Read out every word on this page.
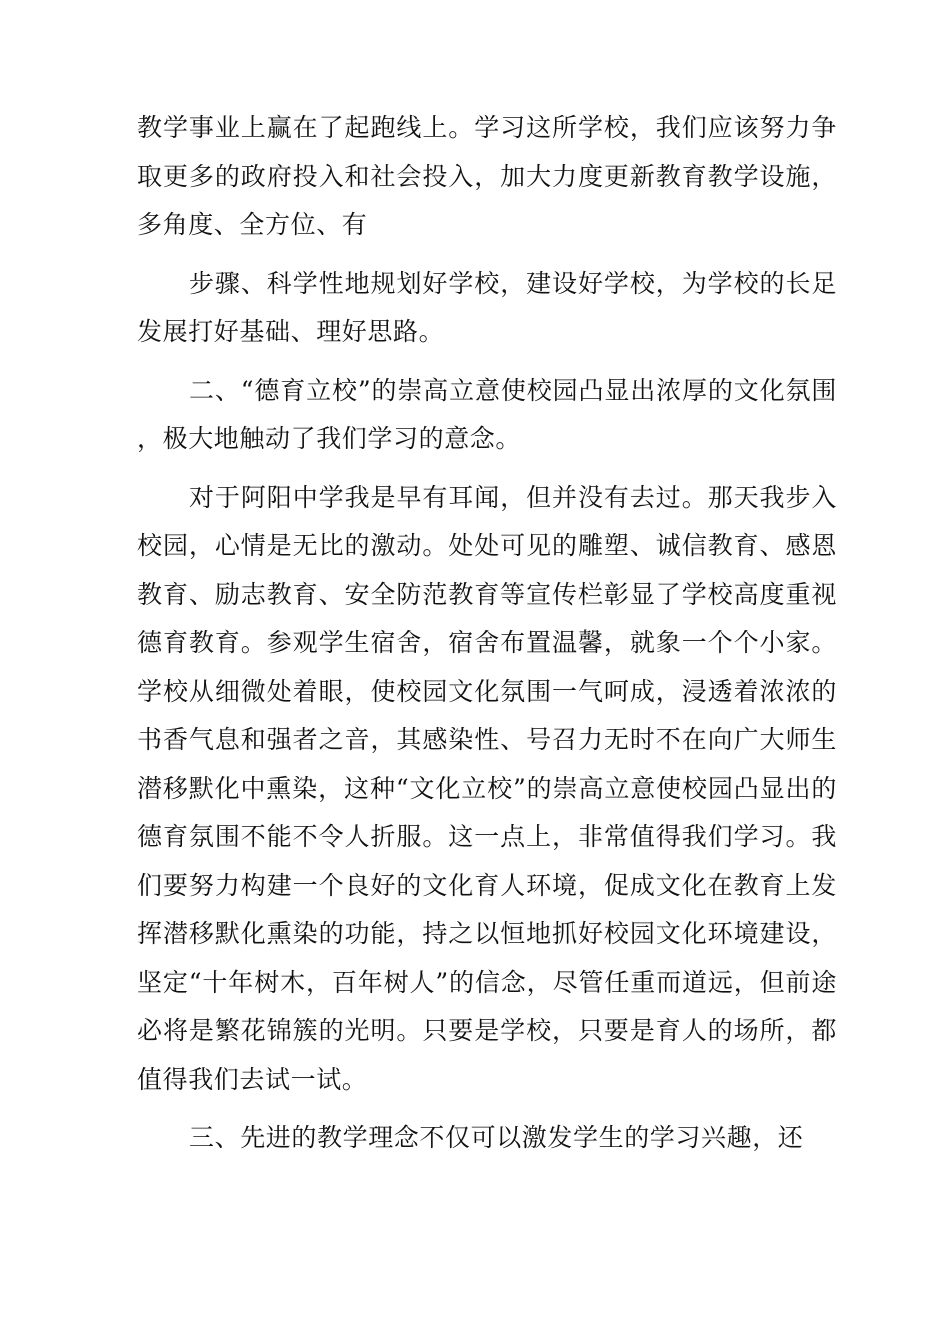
教学事业上赢在了起跑线上。学习这所学校，我们应该努力争取更多的政府投入和社会投入，加大力度更新教育教学设施，多角度、全方位、有

步骤、科学性地规划好学校，建设好学校，为学校的长足发展打好基础、理好思路。

二、“德育立校”的崇高立意使校园凸显出浓厚的文化氛围，极大地触动了我们学习的意念。

对于阿阳中学我是早有耳闻，但并没有去过。那天我步入校园，心情是无比的激动。处处可见的雕塑、诚信教育、感恩教育、励志教育、安全防范教育等宣传栏彰显了学校高度重视德育教育。参观学生宿舍，宿舍布置温馨，就象一个个小家。学校从细微处着眼，使校园文化氛围一气呵成，浸透着浓浓的书香气息和强者之音，其感染性、号召力无时不在向广大师生潜移默化中熏染，这种“文化立校”的崇高立意使校园凸显出的德育氛围不能不令人折服。这一点上，非常值得我们学习。我们要努力构建一个良好的文化育人环境，促成文化在教育上发挥潜移默化熏染的功能，持之以恒地抓好校园文化环境建设，坚定“十年树木，百年树人”的信念，尽管任重而道远，但前途必将是繁花锦簇的光明。只要是学校，只要是育人的场所，都值得我们去试一试。

三、先进的教学理念不仅可以激发学生的学习兴趣，还
